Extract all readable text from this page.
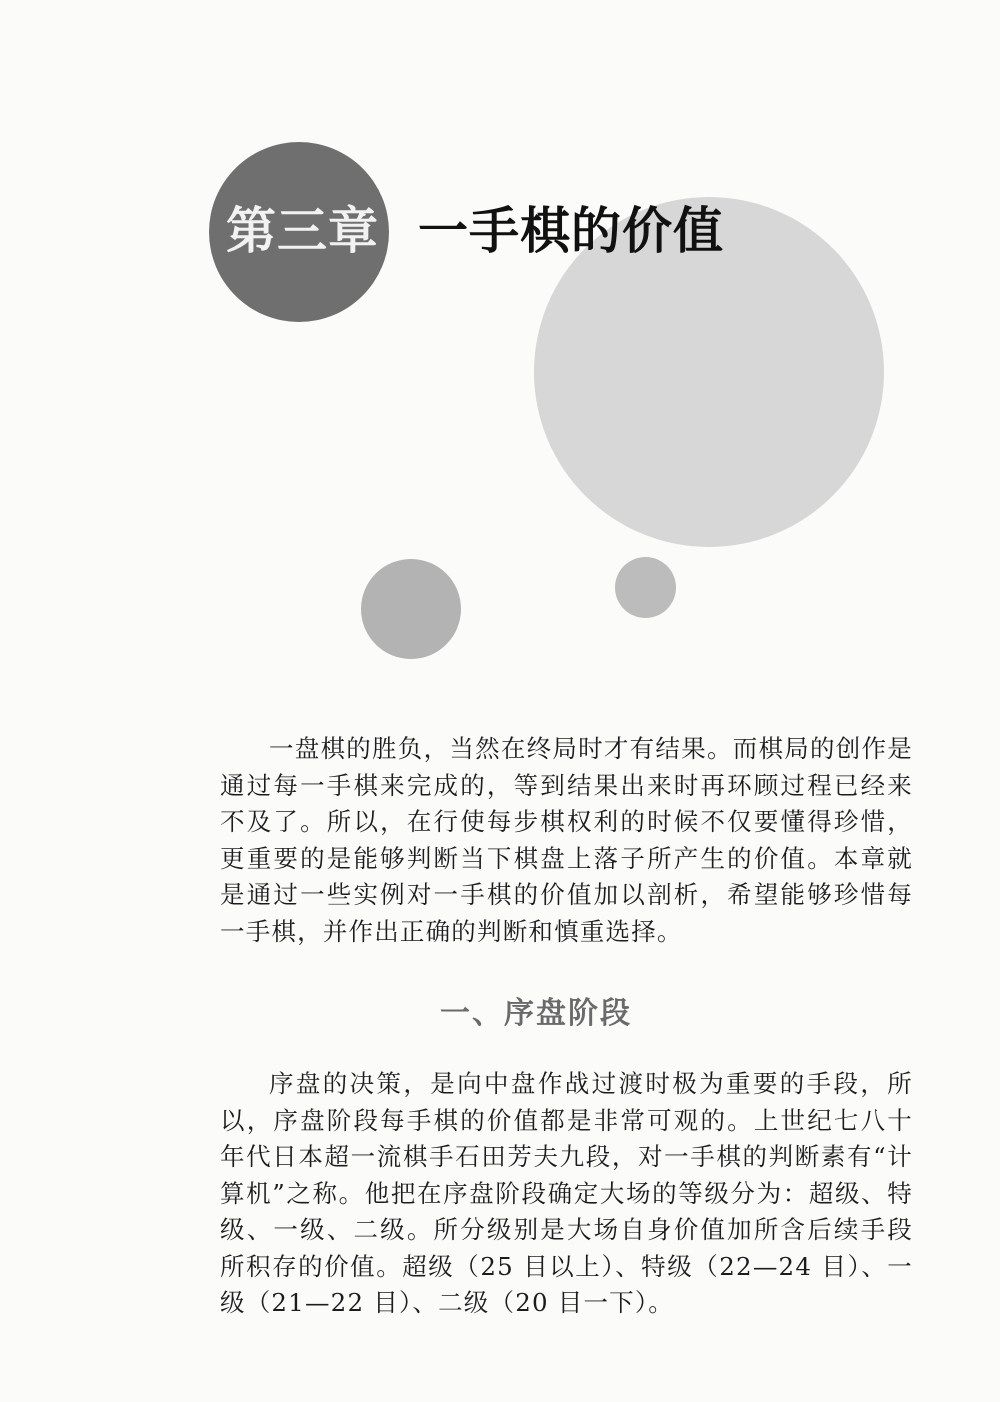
第三章 一手棋的价值

一盘棋的胜负，当然在终局时才有结果。而棋局的创作是通过每一手棋来完成的，等到结果出来时再环顾过程已经来不及了。所以，在行使每步棋权利的时候不仅要懂得珍惜，更重要的是能够判断当下棋盘上落子所产生的价值。本章就是通过一些实例对一手棋的价值加以剖析，希望能够珍惜每一手棋，并作出正确的判断和慎重选择。

一、序盘阶段

序盘的决策，是向中盘作战过渡时极为重要的手段，所以，序盘阶段每手棋的价值都是非常可观的。上世纪七八十年代日本超一流棋手石田芳夫九段，对一手棋的判断素有“计算机”之称。他把在序盘阶段确定大场的等级分为：超级、特级、一级、二级。所分级别是大场自身价值加所含后续手段所积存的价值。超级（25 目以上）、特级（22—24 目）、一级（21—22 目）、二级（20 目一下）。
